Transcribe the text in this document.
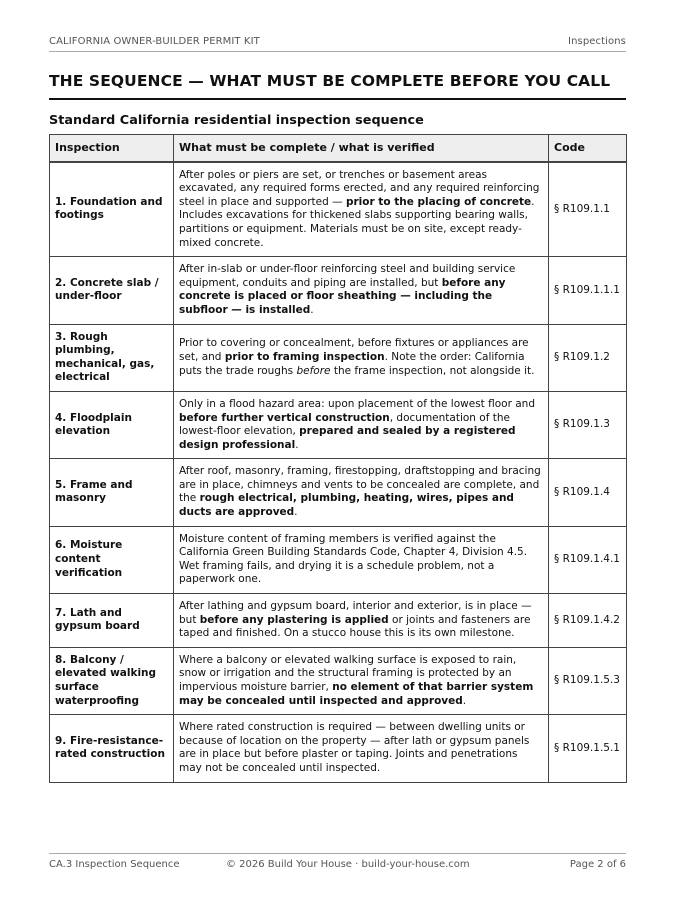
CALIFORNIA OWNER-BUILDER PERMIT KIT	Inspections
THE SEQUENCE — WHAT MUST BE COMPLETE BEFORE YOU CALL
Standard California residential inspection sequence
Inspection	What must be complete / what is verified	Code
1. Foundation and footings	After poles or piers are set, or trenches or basement areas excavated, any required forms erected, and any required reinforcing steel in place and supported — prior to the placing of concrete. Includes excavations for thickened slabs supporting bearing walls, partitions or equipment. Materials must be on site, except ready-mixed concrete.	§ R109.1.1
2. Concrete slab / under-floor	After in-slab or under-floor reinforcing steel and building service equipment, conduits and piping are installed, but before any concrete is placed or floor sheathing — including the subfloor — is installed.	§ R109.1.1.1
3. Rough plumbing, mechanical, gas, electrical	Prior to covering or concealment, before fixtures or appliances are set, and prior to framing inspection. Note the order: California puts the trade roughs before the frame inspection, not alongside it.	§ R109.1.2
4. Floodplain elevation	Only in a flood hazard area: upon placement of the lowest floor and before further vertical construction, documentation of the lowest-floor elevation, prepared and sealed by a registered design professional.	§ R109.1.3
5. Frame and masonry	After roof, masonry, framing, firestopping, draftstopping and bracing are in place, chimneys and vents to be concealed are complete, and the rough electrical, plumbing, heating, wires, pipes and ducts are approved.	§ R109.1.4
6. Moisture content verification	Moisture content of framing members is verified against the California Green Building Standards Code, Chapter 4, Division 4.5. Wet framing fails, and drying it is a schedule problem, not a paperwork one.	§ R109.1.4.1
7. Lath and gypsum board	After lathing and gypsum board, interior and exterior, is in place — but before any plastering is applied or joints and fasteners are taped and finished. On a stucco house this is its own milestone.	§ R109.1.4.2
8. Balcony / elevated walking surface waterproofing	Where a balcony or elevated walking surface is exposed to rain, snow or irrigation and the structural framing is protected by an impervious moisture barrier, no element of that barrier system may be concealed until inspected and approved.	§ R109.1.5.3
9. Fire-resistance-rated construction	Where rated construction is required — between dwelling units or because of location on the property — after lath or gypsum panels are in place but before plaster or taping. Joints and penetrations may not be concealed until inspected.	§ R109.1.5.1
CA.3 Inspection Sequence	© 2026 Build Your House · build-your-house.com	Page 2 of 6
